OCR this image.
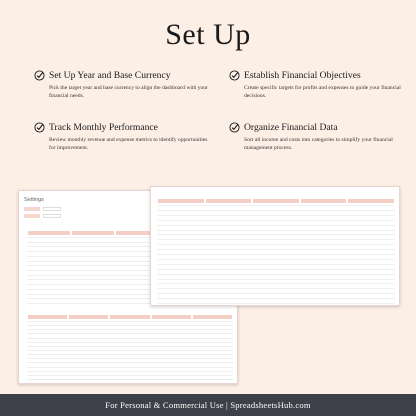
Set Up
Set Up Year and Base Currency
Pick the target year and base currency to align the dashboard with your financial needs.
Establish Financial Objectives
Create specific targets for profits and expenses to guide your financial decisions.
Track Monthly Performance
Review monthly revenue and expense metrics to identify opportunities for improvement.
Organize Financial Data
Sort all income and costs into categories to simplify your financial management process.
Settings
For Personal & Commercial Use | SpreadsheetsHub.com
